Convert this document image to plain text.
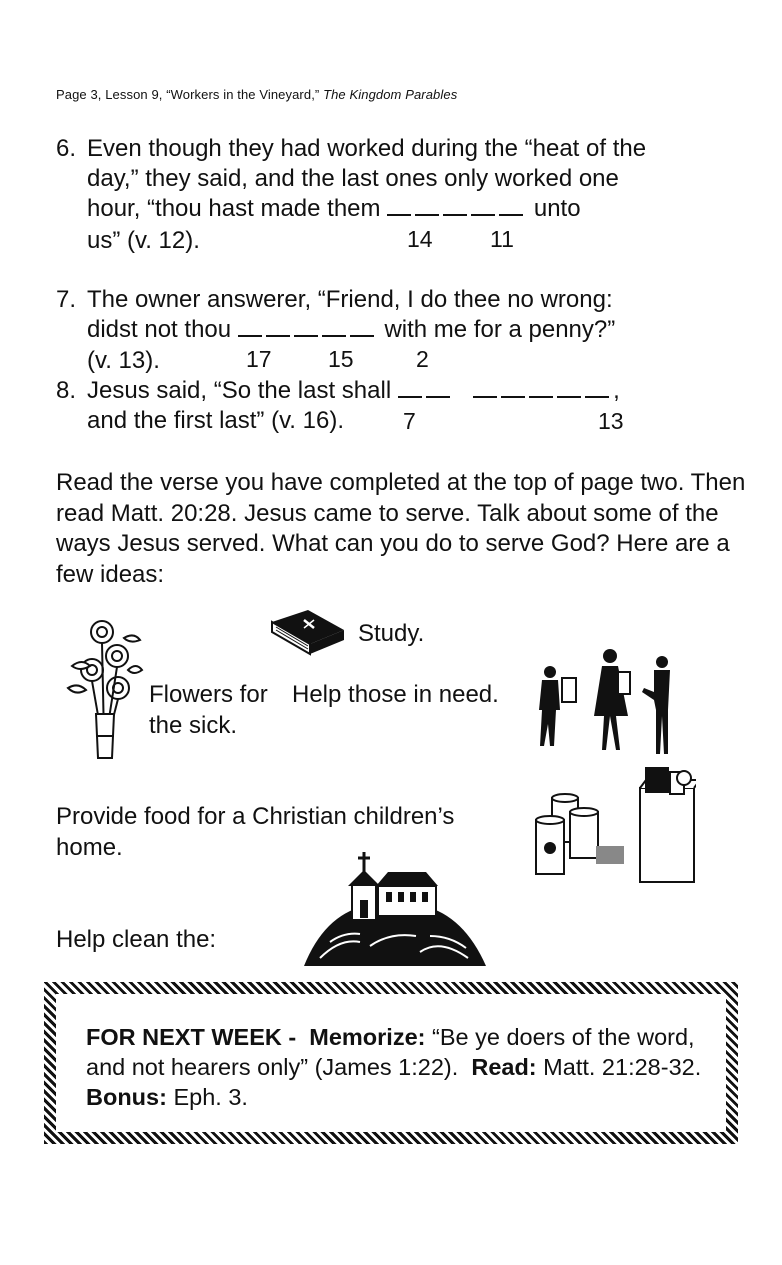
Page 3, Lesson 9, “Workers in the Vineyard,” The Kingdom Parables
6. Even though they had worked during the “heat of the
day,” they said, and the last ones only worked one
hour, “thou hast made them	unto
us” (v. 12).	14 11
7. The owner answerer, “Friend, I do thee no wrong:
didst not thou	with me for a penny?”
(v. 13).	17 15	2
8. Jesus said, “So the last shall	,
and the first last” (v. 16).	7	13
Read the verse you have completed at the top of page two. Then read Matt. 20:28. Jesus came to serve. Talk about some of the ways Jesus served. What can you do to serve God? Here are a few ideas:
Study.
Flowers for
the sick.
Help those in need.
Provide food for a Christian children’s
home.
Help clean the:
FOR NEXT WEEK - Memorize: “Be ye doers of the word, and not hearers only” (James 1:22). Read: Matt. 21:28-32.  Bonus: Eph. 3.
